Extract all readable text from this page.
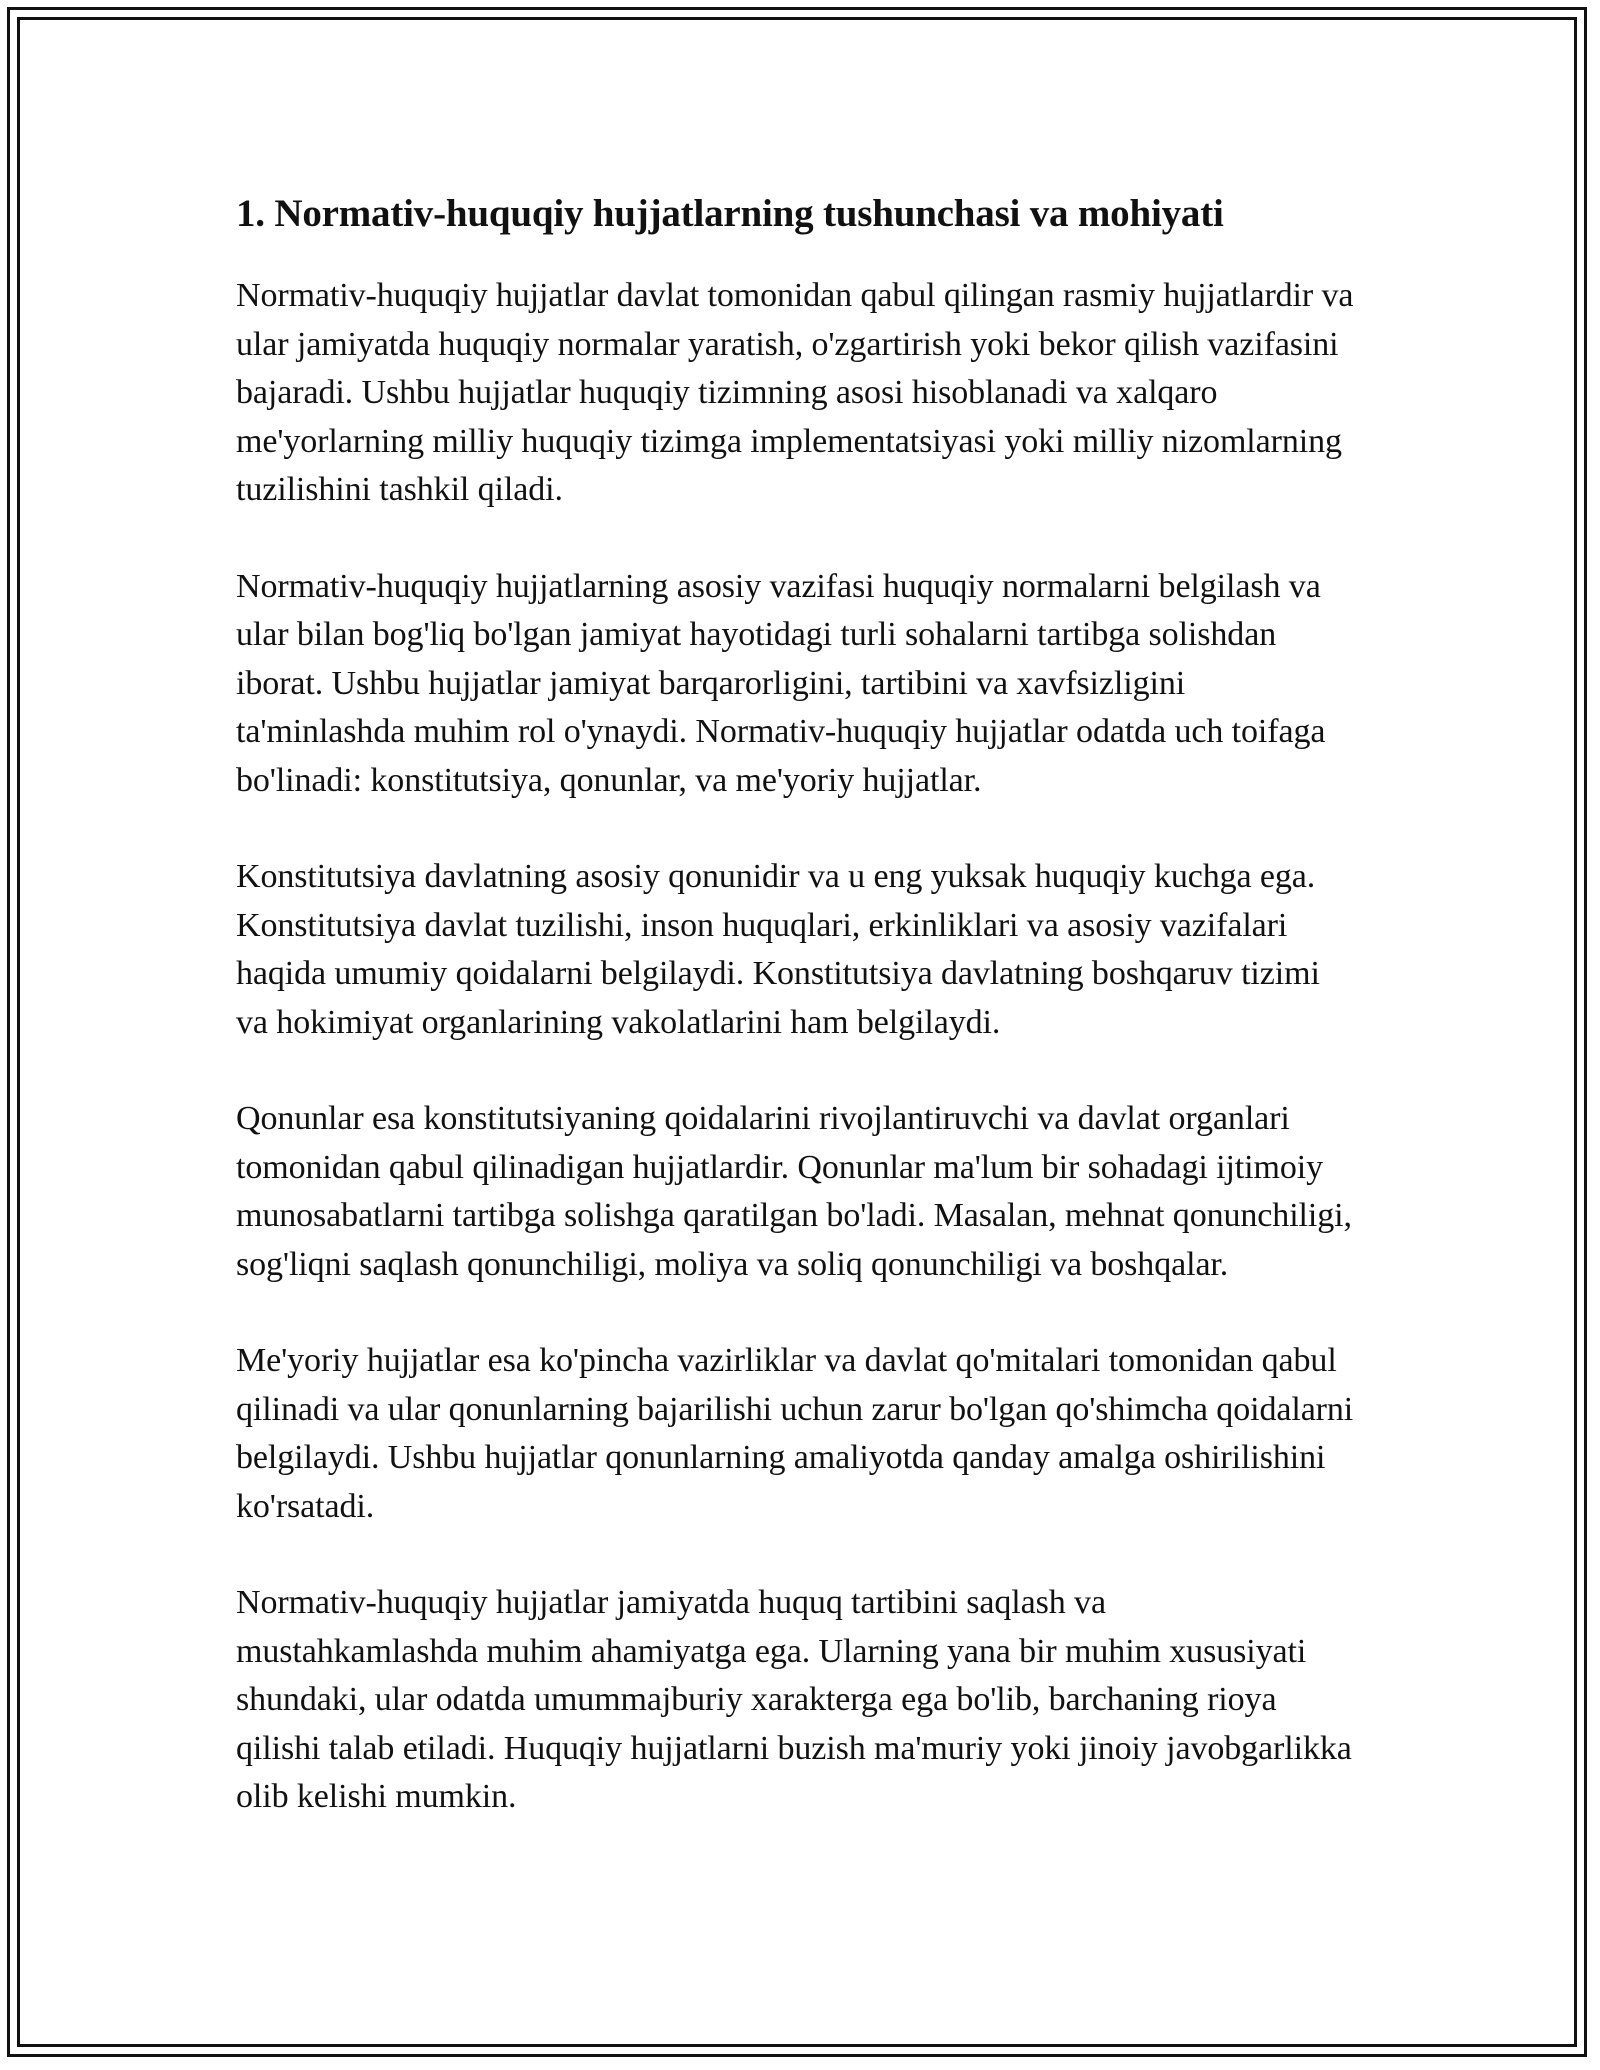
1. Normativ-huquqiy hujjatlarning tushunchasi va mohiyati

Normativ-huquqiy hujjatlar davlat tomonidan qabul qilingan rasmiy hujjatlardir va ular jamiyatda huquqiy normalar yaratish, o'zgartirish yoki bekor qilish vazifasini bajaradi. Ushbu hujjatlar huquqiy tizimning asosi hisoblanadi va xalqaro me'yorlarning milliy huquqiy tizimga implementatsiyasi yoki milliy nizomlarning tuzilishini tashkil qiladi.

Normativ-huquqiy hujjatlarning asosiy vazifasi huquqiy normalarni belgilash va ular bilan bog'liq bo'lgan jamiyat hayotidagi turli sohalarni tartibga solishdan iborat. Ushbu hujjatlar jamiyat barqarorligini, tartibini va xavfsizligini ta'minlashda muhim rol o'ynaydi. Normativ-huquqiy hujjatlar odatda uch toifaga bo'linadi: konstitutsiya, qonunlar, va me'yoriy hujjatlar.

Konstitutsiya davlatning asosiy qonunidir va u eng yuksak huquqiy kuchga ega. Konstitutsiya davlat tuzilishi, inson huquqlari, erkinliklari va asosiy vazifalari haqida umumiy qoidalarni belgilaydi. Konstitutsiya davlatning boshqaruv tizimi va hokimiyat organlarining vakolatlarini ham belgilaydi.

Qonunlar esa konstitutsiyaning qoidalarini rivojlantiruvchi va davlat organlari tomonidan qabul qilinadigan hujjatlardir. Qonunlar ma'lum bir sohadagi ijtimoiy munosabatlarni tartibga solishga qaratilgan bo'ladi. Masalan, mehnat qonunchiligi, sog'liqni saqlash qonunchiligi, moliya va soliq qonunchiligi va boshqalar.

Me'yoriy hujjatlar esa ko'pincha vazirliklar va davlat qo'mitalari tomonidan qabul qilinadi va ular qonunlarning bajarilishi uchun zarur bo'lgan qo'shimcha qoidalarni belgilaydi. Ushbu hujjatlar qonunlarning amaliyotda qanday amalga oshirilishini ko'rsatadi.

Normativ-huquqiy hujjatlar jamiyatda huquq tartibini saqlash va mustahkamlashda muhim ahamiyatga ega. Ularning yana bir muhim xususiyati shundaki, ular odatda umummajburiy xarakterga ega bo'lib, barchaning rioya qilishi talab etiladi. Huquqiy hujjatlarni buzish ma'muriy yoki jinoiy javobgarlikka olib kelishi mumkin.
